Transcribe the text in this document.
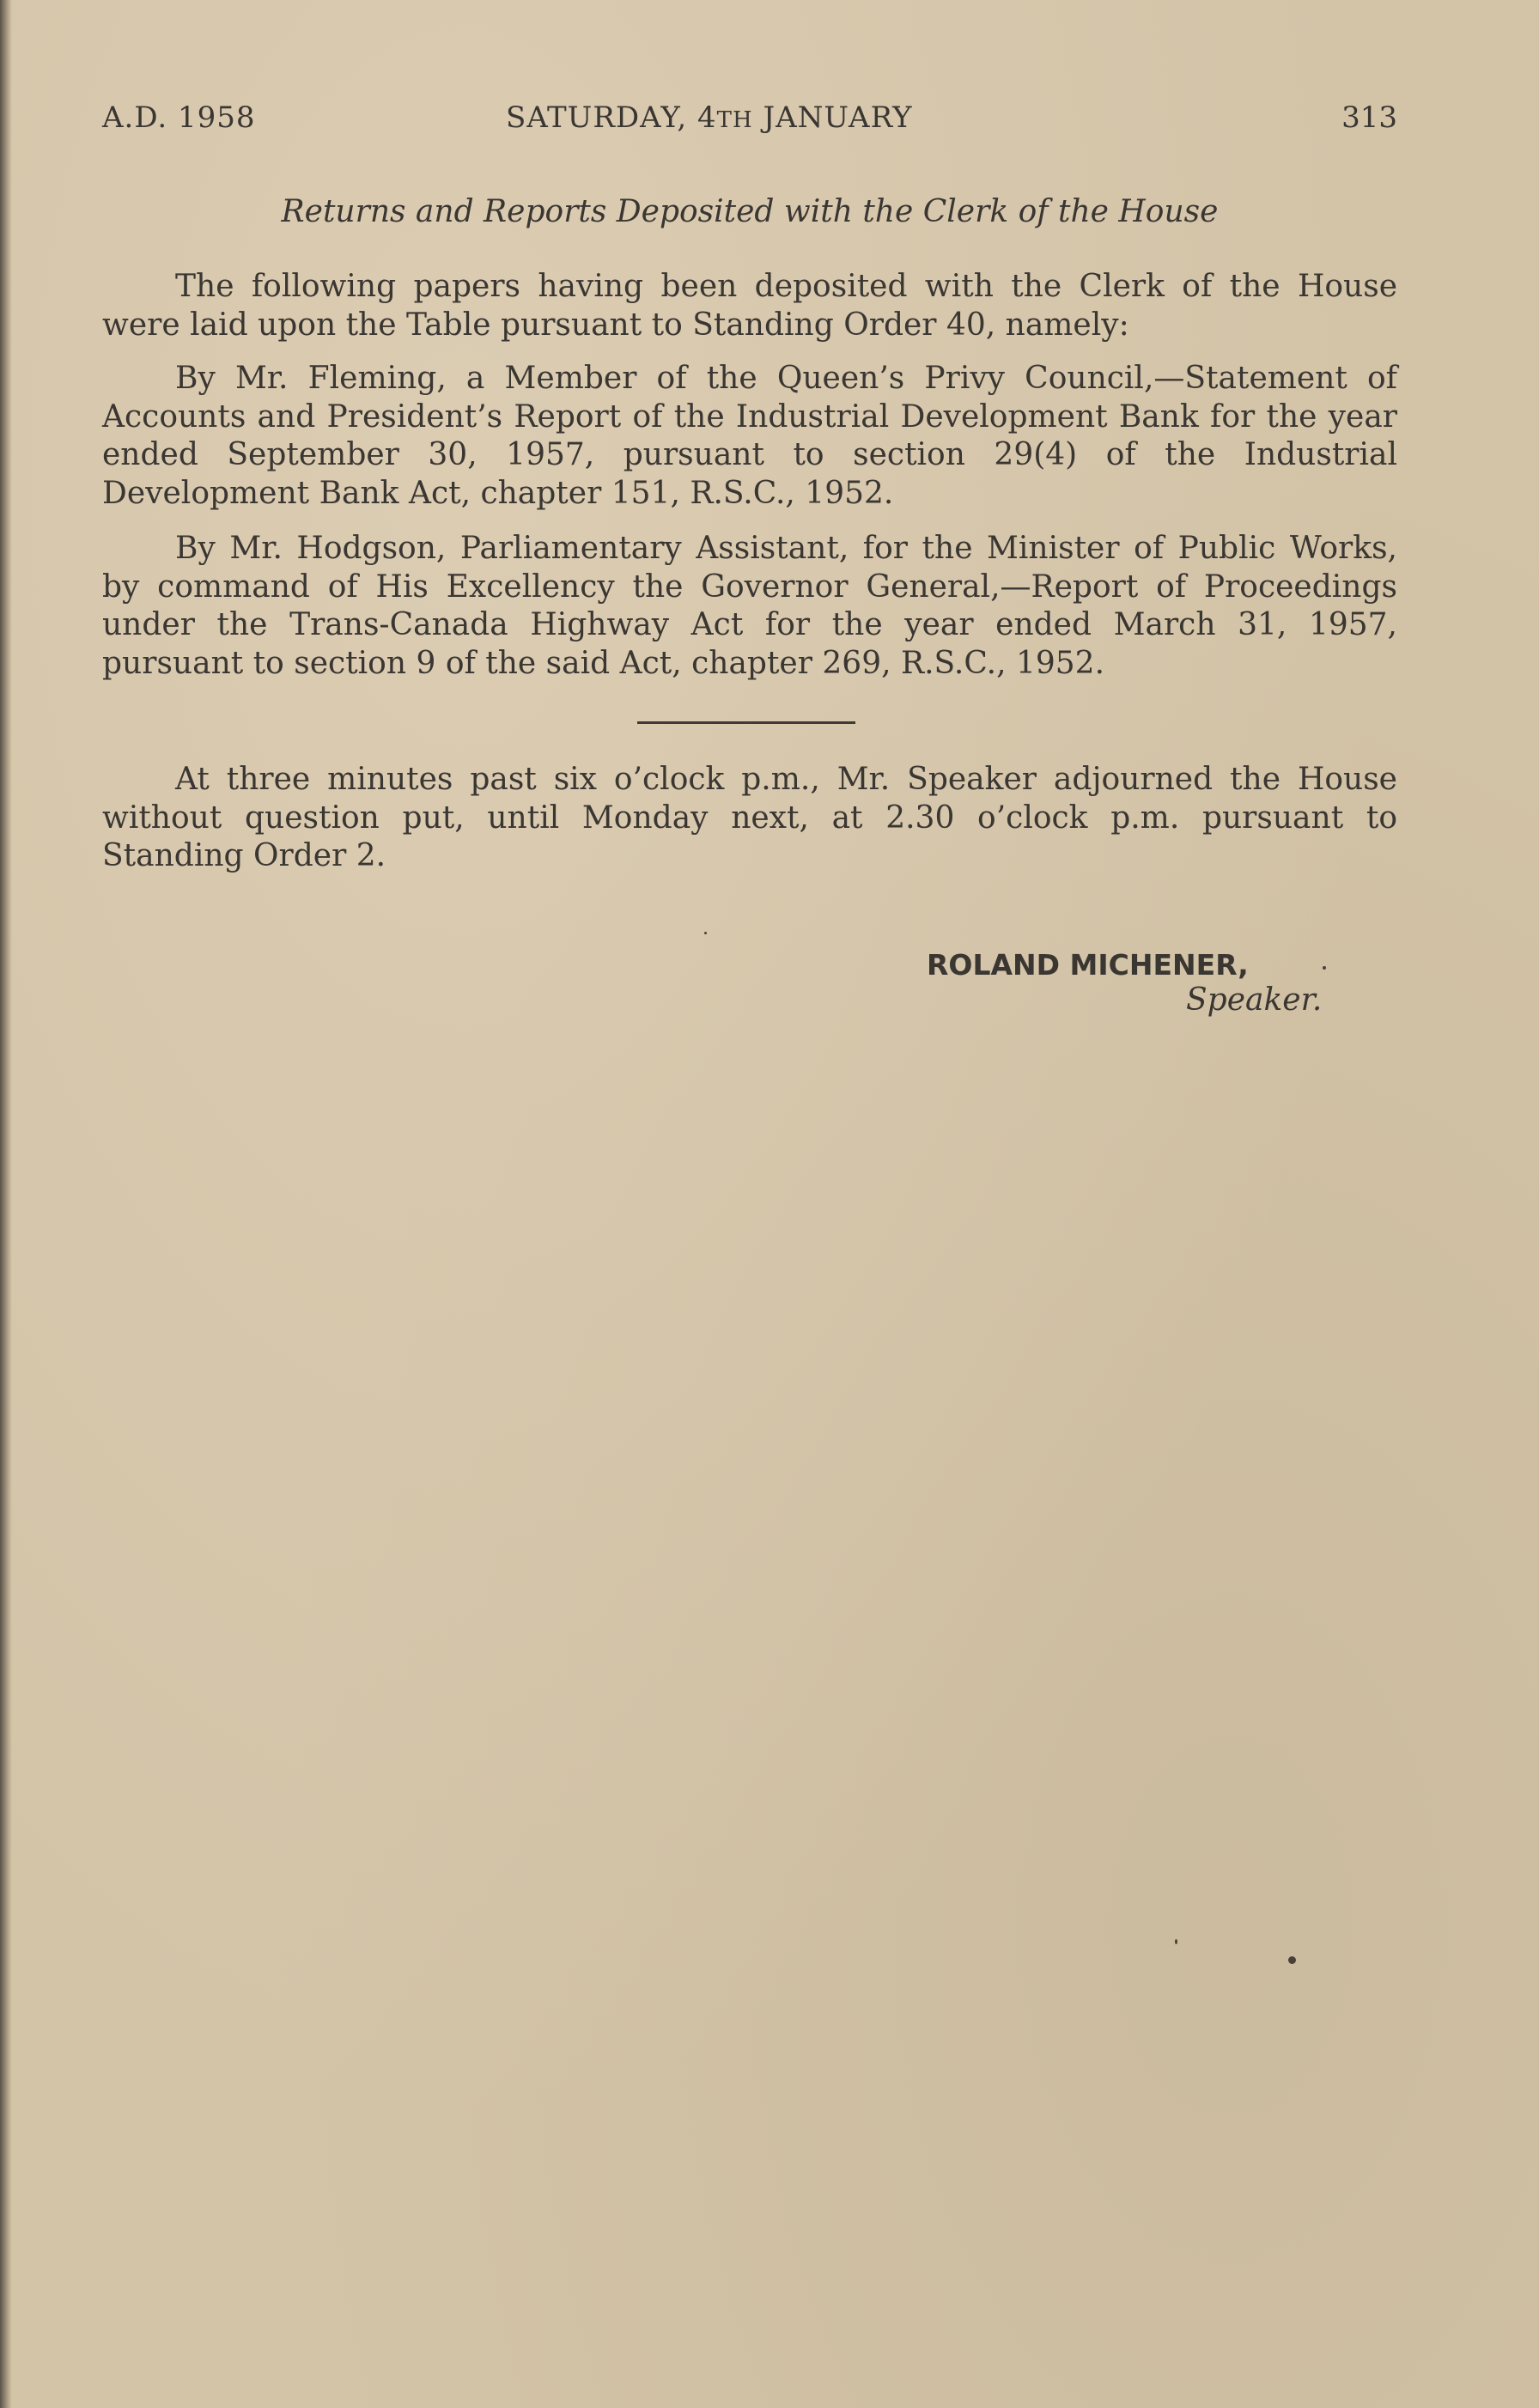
A.D. 1958	SATURDAY, 4TH JANUARY	313
Returns and Reports Deposited with the Clerk of the House

The following papers having been deposited with the Clerk of the House were laid upon the Table pursuant to Standing Order 40, namely:

By Mr. Fleming, a Member of the Queen’s Privy Council,—Statement of Accounts and President’s Report of the Industrial Development Bank for the year ended September 30, 1957, pursuant to section 29(4) of the Industrial Development Bank Act, chapter 151, R.S.C., 1952.

By Mr. Hodgson, Parliamentary Assistant, for the Minister of Public Works, by command of His Excellency the Governor General,—Report of Proceedings under the Trans-Canada Highway Act for the year ended March 31, 1957, pursuant to section 9 of the said Act, chapter 269, R.S.C., 1952.

At three minutes past six o’clock p.m., Mr. Speaker adjourned the House without question put, until Monday next, at 2.30 o’clock p.m. pursuant to Standing Order 2.

ROLAND MICHENER,
Speaker.
